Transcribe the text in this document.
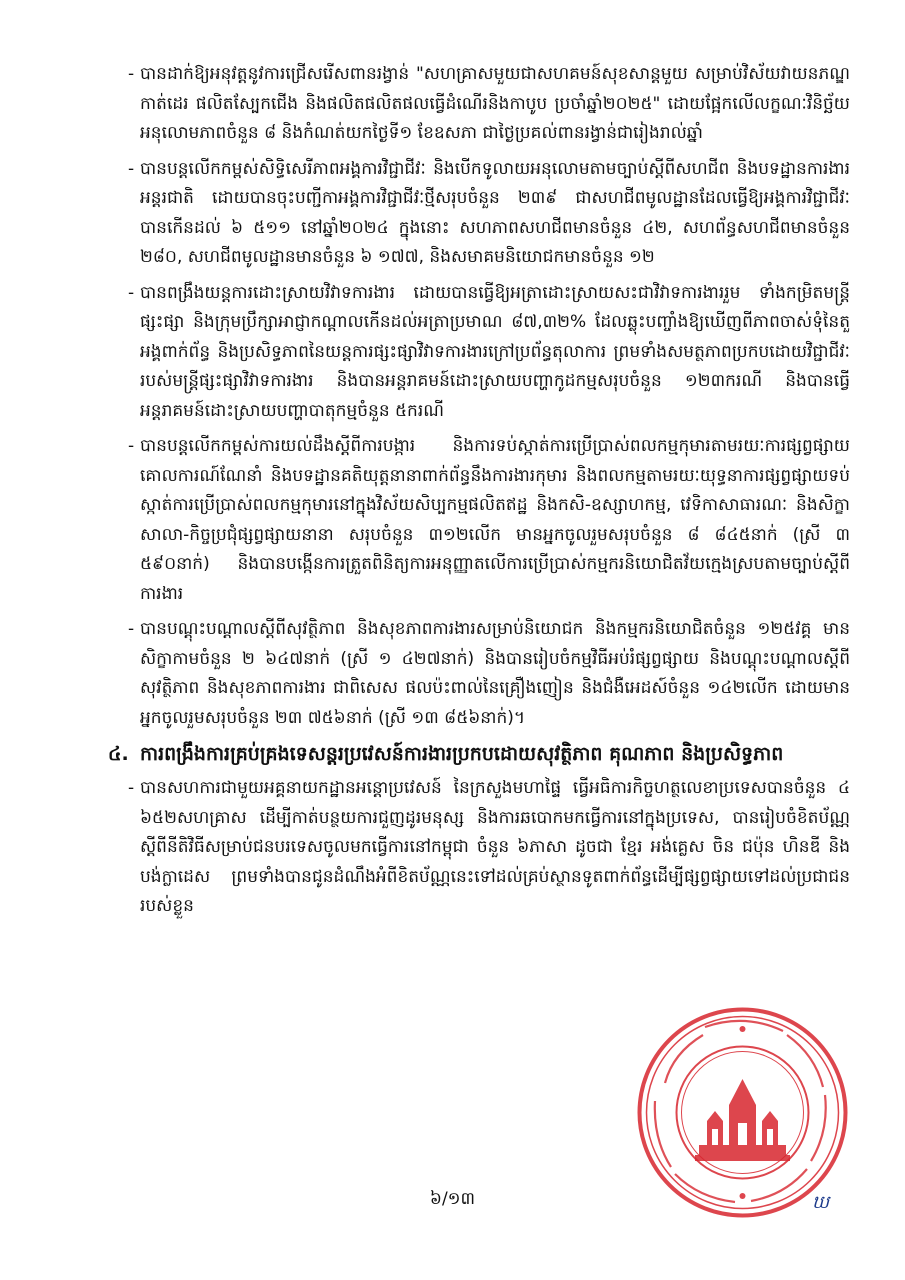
- បានដាក់ឱ្យអនុវត្តនូវការជ្រើសរើសពានរង្វាន់ "សហគ្រាសមួយជាសហគមន៍សុខសាន្តមួយ សម្រាប់វិស័យវាយនភណ្ឌ កាត់ដេរ ផលិតស្បែកជើង និងផលិតផលិតផលធ្វើដំណើរនិងកាបូប ប្រចាំឆ្នាំ២០២៥" ដោយផ្អែកលើលក្ខណៈវិនិច្ឆ័យអនុលោមភាពចំនួន ៨ និងកំណត់យកថ្ងៃទី១ ខែឧសភា ជាថ្ងៃប្រគល់ពានរង្វាន់ជារៀងរាល់ឆ្នាំ
- បានបន្តលើកកម្ពស់សិទ្ធិសេរីភាពអង្គការវិជ្ជាជីវៈ និងបើកទូលាយអនុលោមតាមច្បាប់ស្តីពីសហជីព និងបទដ្ឋានការងារអន្តរជាតិ ដោយបានចុះបញ្ជីកាអង្គការវិជ្ជាជីវៈថ្មីសរុបចំនួន ២៣៩ ជាសហជីពមូលដ្ឋានដែលធ្វើឱ្យអង្គការវិជ្ជាជីវៈបានកើនដល់ ៦ ៥១១ នៅឆ្នាំ២០២៤ ក្នុងនោះ សហភាពសហជីពមានចំនួន ៤២, សហព័ន្ធសហជីពមានចំនួន ២៨០, សហជីពមូលដ្ឋានមានចំនួន ៦ ១៧៧, និងសមាគមនិយោជកមានចំនួន ១២
- បានពង្រឹងយន្តការដោះស្រាយវិវាទការងារ ដោយបានធ្វើឱ្យអត្រាដោះស្រាយសះជាវិវាទការងាររួម ទាំងកម្រិតមន្ត្រីផ្សះផ្សា និងក្រុមប្រឹក្សាអាជ្ញាកណ្តាលកើនដល់អត្រាប្រមាណ ៨៧,៣២% ដែលឆ្លុះបញ្ចាំងឱ្យឃើញពីភាពចាស់ទុំនៃតួអង្គពាក់ព័ន្ធ និងប្រសិទ្ធភាពនៃយន្តការផ្សះផ្សាវិវាទការងារក្រៅប្រព័ន្ធតុលាការ ព្រមទាំងសមត្ថភាពប្រកបដោយវិជ្ជាជីវៈរបស់មន្ត្រីផ្សះផ្សាវិវាទការងារ និងបានអន្តរាគមន៍ដោះស្រាយបញ្ហាកូដកម្មសរុបចំនួន ១២៣ករណី និងបានធ្វើអន្តរាគមន៍ដោះស្រាយបញ្ហាបាតុកម្មចំនួន ៥ករណី
- បានបន្តលើកកម្ពស់ការយល់ដឹងស្តីពីការបង្ការ និងការទប់ស្កាត់ការប្រើប្រាស់ពលកម្មកុមារតាមរយៈការផ្សព្វផ្សាយគោលការណ៍ណែនាំ និងបទដ្ឋានគតិយុត្តនានាពាក់ព័ន្ធនឹងការងារកុមារ និងពលកម្មតាមរយៈយុទ្ធនាការផ្សព្វផ្សាយទប់ស្កាត់ការប្រើប្រាស់ពលកម្មកុមារនៅក្នុងវិស័យសិប្បកម្មផលិតឥដ្ឋ និងកសិ-ឧស្សាហកម្ម, វេទិកាសាធារណៈ និងសិក្ខាសាលា-កិច្ចប្រជុំផ្សព្វផ្សាយនានា សរុបចំនួន ៣១២លើក មានអ្នកចូលរួមសរុបចំនួន ៨ ៨៤៥នាក់ (ស្រី ៣ ៥៩០នាក់) និងបានបង្កើនការត្រួតពិនិត្យការអនុញ្ញាតលើការប្រើប្រាស់កម្មករនិយោជិតវ័យក្មេងស្របតាមច្បាប់ស្តីពីការងារ
- បានបណ្តុះបណ្តាលស្តីពីសុវត្ថិភាព និងសុខភាពការងារសម្រាប់និយោជក និងកម្មករនិយោជិតចំនួន ១២៥វគ្គ មានសិក្ខាកាមចំនួន ២ ៦៤៧នាក់ (ស្រី ១ ៤២៧នាក់) និងបានរៀបចំកម្មវិធីអប់រំផ្សព្វផ្សាយ និងបណ្តុះបណ្តាលស្តីពីសុវត្ថិភាព និងសុខភាពការងារ ជាពិសេស ផលប៉ះពាល់នៃគ្រឿងញៀន និងជំងឺអេដស៍ចំនួន ១៤២លើក ដោយមានអ្នកចូលរួមសរុបចំនួន ២៣ ៧៥៦នាក់ (ស្រី ១៣ ៨៥៦នាក់)។
៤. ការពង្រឹងការគ្រប់គ្រងទេសន្តរប្រវេសន៍ការងារប្រកបដោយសុវត្ថិភាព គុណភាព និងប្រសិទ្ធភាព
- បានសហការជាមួយអគ្គនាយកដ្ឋានអន្តោប្រវេសន៍ នៃក្រសួងមហាផ្ទៃ ធ្វើអធិការកិច្ចហត្ថលេខាប្រទេសបានចំនួន ៤ ៦៥២សហគ្រាស ដើម្បីកាត់បន្ថយការជួញដូរមនុស្ស និងការឆបោកមកធ្វើការនៅក្នុងប្រទេស, បានរៀបចំខិតប័ណ្ណស្តីពីនីតិវិធីសម្រាប់ជនបរទេសចូលមកធ្វើការនៅកម្ពុជា ចំនួន ៦ភាសា ដូចជា ខ្មែរ អង់គ្លេស ចិន ជប៉ុន ហិនឌី និងបង់ក្លាដេស ព្រមទាំងបានជូនដំណឹងអំពីខិតប័ណ្ណនេះទៅដល់គ្រប់ស្ថានទូតពាក់ព័ន្ធដើម្បីផ្សព្វផ្សាយទៅដល់ប្រជាជនរបស់ខ្លួន
៦/១៣	ឃ
